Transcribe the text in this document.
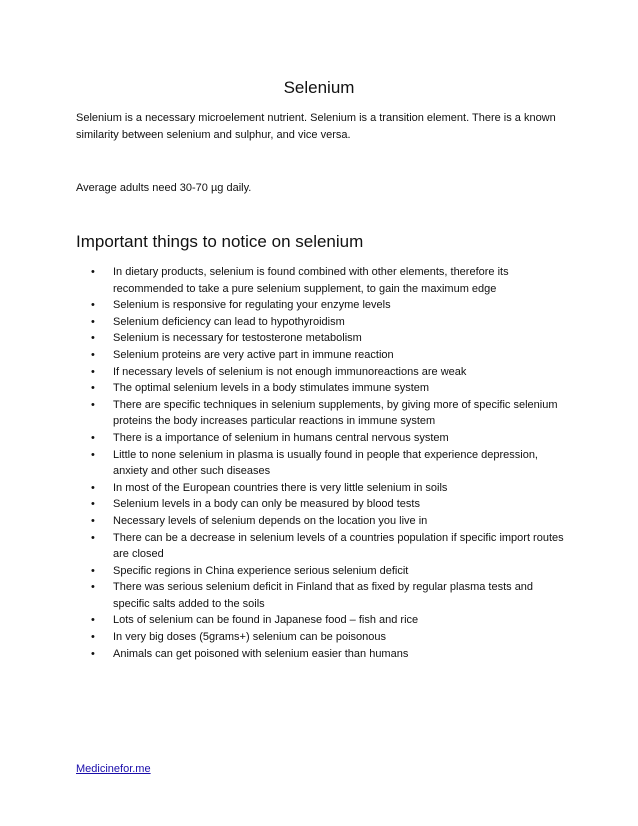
Selenium

Selenium is a necessary microelement nutrient. Selenium is a transition element. There is a known similarity between selenium and sulphur, and vice versa.

Average adults need 30-70 µg daily.

Important things to notice on selenium
• In dietary products, selenium is found combined with other elements, therefore its recommended to take a pure selenium supplement, to gain the maximum edge
• Selenium is responsive for regulating your enzyme levels
• Selenium deficiency can lead to hypothyroidism
• Selenium is necessary for testosterone metabolism
• Selenium proteins are very active part in immune reaction
• If necessary levels of selenium is not enough immunoreactions are weak
• The optimal selenium levels in a body stimulates immune system
• There are specific techniques in selenium supplements, by giving more of specific selenium proteins the body increases particular reactions in immune system
• There is a importance of selenium in humans central nervous system
• Little to none selenium in plasma is usually found in people that experience depression, anxiety and other such diseases
• In most of the European countries there is very little selenium in soils
• Selenium levels in a body can only be measured by blood tests
• Necessary levels of selenium depends on the location you live in
• There can be a decrease in selenium levels of a countries population if specific import routes are closed
• Specific regions in China experience serious selenium deficit
• There was serious selenium deficit in Finland that as fixed by regular plasma tests and specific salts added to the soils
• Lots of selenium can be found in Japanese food – fish and rice
• In very big doses (5grams+) selenium can be poisonous
• Animals can get poisoned with selenium easier than humans
Medicinefor.me
